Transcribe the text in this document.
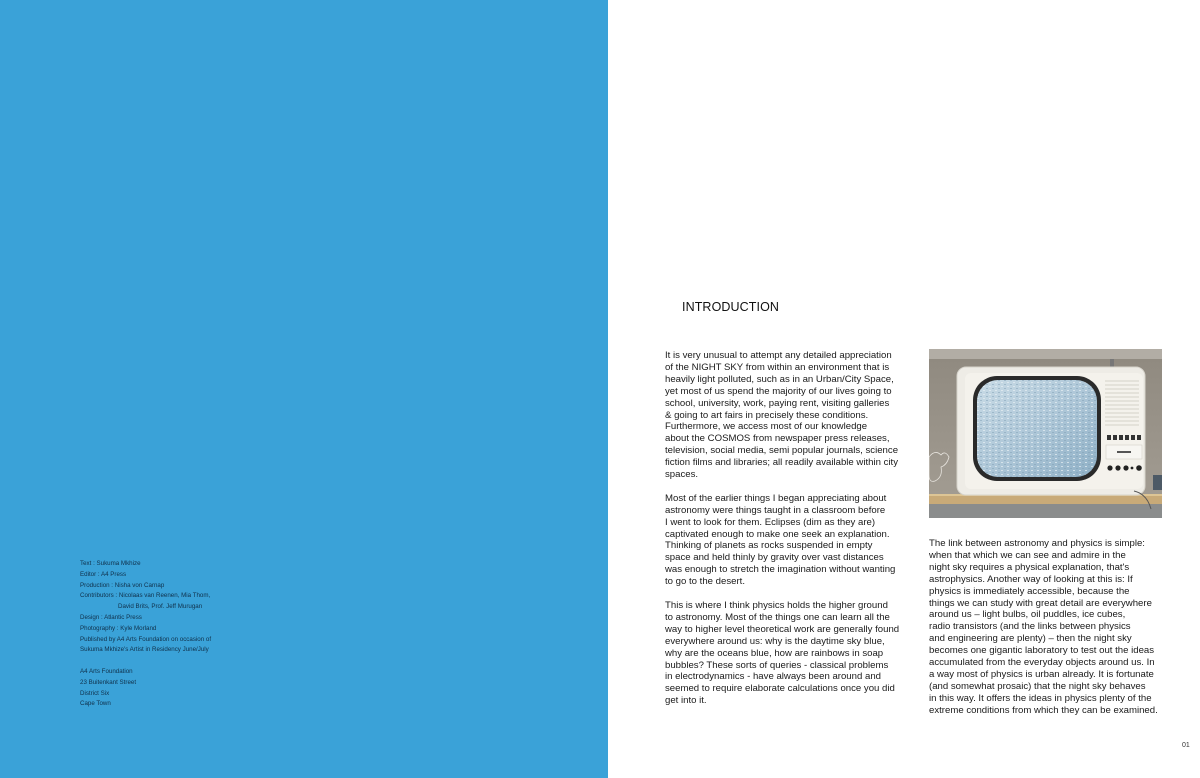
Text : Sukuma Mkhize
Editor : A4 Press
Production : Nisha von Carnap
Contributors : Nicolaas van Reenen, Mia Thom,
David Brits, Prof. Jeff Murugan
Design : Atlantic Press
Photography : Kyle Morland
Published by A4 Arts Foundation on occasion of
Sukuma Mkhize's Artist in Residency June/July
A4 Arts Foundation
23 Buitenkant Street
District Six
Cape Town
INTRODUCTION

It is very unusual to attempt any detailed appreciation
of the NIGHT SKY from within an environment that is
heavily light polluted, such as in an Urban/City Space,
yet most of us spend the majority of our lives going to
school, university, work, paying rent, visiting galleries
& going to art fairs in precisely these conditions.
Furthermore, we access most of our knowledge
about the COSMOS from newspaper press releases,
television, social media, semi popular journals, science
fiction films and libraries; all readily available within city
spaces.

Most of the earlier things I began appreciating about
astronomy were things taught in a classroom before
I went to look for them. Eclipses (dim as they are)
captivated enough to make one seek an explanation.
Thinking of planets as rocks suspended in empty
space and held thinly by gravity over vast distances
was enough to stretch the imagination without wanting
to go to the desert.

This is where I think physics holds the higher ground
to astronomy. Most of the things one can learn all the
way to higher level theoretical work are generally found
everywhere around us: why is the daytime sky blue,
why are the oceans blue, how are rainbows in soap
bubbles? These sorts of queries - classical problems
in electrodynamics - have always been around and
seemed to require elaborate calculations once you did
get into it.

The link between astronomy and physics is simple:
when that which we can see and admire in the
night sky requires a physical explanation, that's
astrophysics. Another way of looking at this is: If
physics is immediately accessible, because the
things we can study with great detail are everywhere
around us – light bulbs, oil puddles, ice cubes,
radio transistors (and the links between physics
and engineering are plenty) – then the night sky
becomes one gigantic laboratory to test out the ideas
accumulated from the everyday objects around us. In
a way most of physics is urban already. It is fortunate
(and somewhat prosaic) that the night sky behaves
in this way. It offers the ideas in physics plenty of the
extreme conditions from which they can be examined.

01
